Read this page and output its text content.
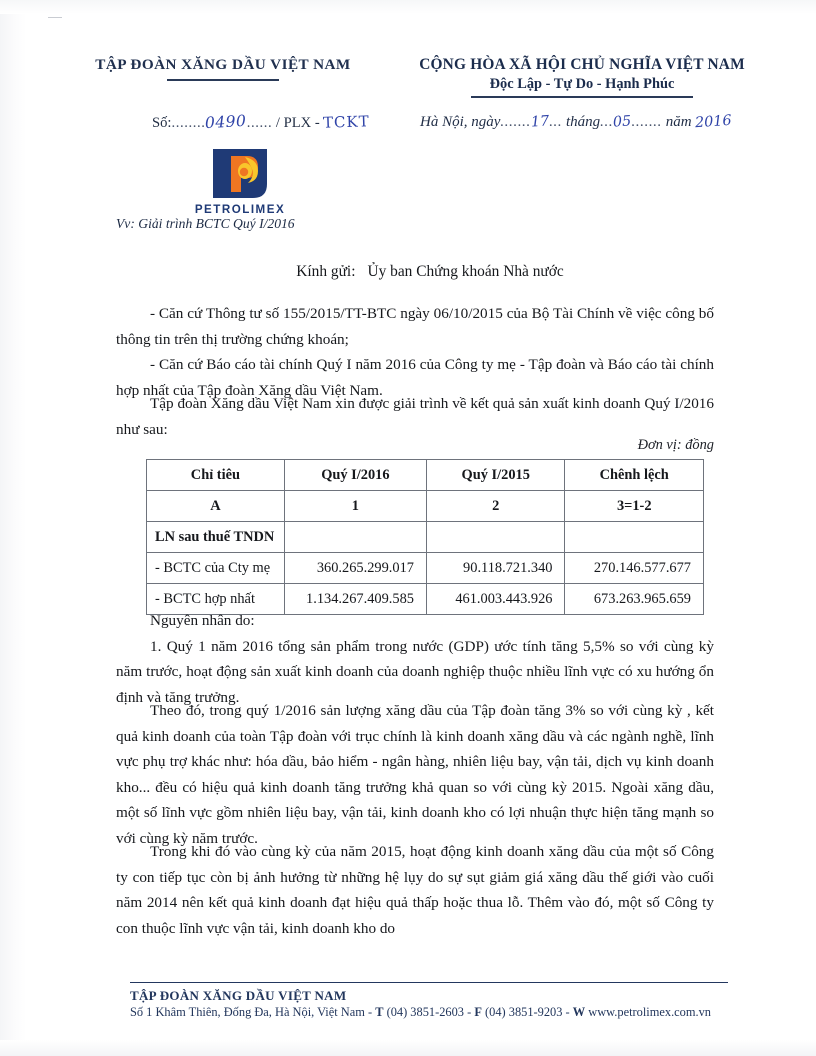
TẬP ĐOÀN XĂNG DẦU VIỆT NAM	CỘNG HÒA XÃ HỘI CHỦ NGHĨA VIỆT NAM
Độc Lập - Tự Do - Hạnh Phúc
Số:........0490...... / PLX - TCKT	Hà Nội, ngày.......17... tháng...05....... năm 2016
PETROLIMEX
Vv: Giải trình BCTC Quý I/2016
Kính gửi: Ủy ban Chứng khoán Nhà nước

- Căn cứ Thông tư số 155/2015/TT-BTC ngày 06/10/2015 của Bộ Tài Chính về việc công bố thông tin trên thị trường chứng khoán;

- Căn cứ Báo cáo tài chính Quý I năm 2016 của Công ty mẹ - Tập đoàn và Báo cáo tài chính hợp nhất của Tập đoàn Xăng dầu Việt Nam.

Tập đoàn Xăng dầu Việt Nam xin được giải trình về kết quả sản xuất kinh doanh Quý I/2016 như sau:

Đơn vị: đồng
Chỉ tiêu	Quý I/2016	Quý I/2015	Chênh lệch
A	1	2	3=1-2
LN sau thuế TNDN			
- BCTC của Cty mẹ	360.265.299.017	90.118.721.340	270.146.577.677
- BCTC hợp nhất	1.134.267.409.585	461.003.443.926	673.263.965.659

Nguyên nhân do:

1. Quý 1 năm 2016 tổng sản phẩm trong nước (GDP) ước tính tăng 5,5% so với cùng kỳ năm trước, hoạt động sản xuất kinh doanh của doanh nghiệp thuộc nhiều lĩnh vực có xu hướng ổn định và tăng trưởng.

Theo đó, trong quý 1/2016 sản lượng xăng dầu của Tập đoàn tăng 3% so với cùng kỳ , kết quả kinh doanh của toàn Tập đoàn với trục chính là kinh doanh xăng dầu và các ngành nghề, lĩnh vực phụ trợ khác như: hóa dầu, bảo hiểm - ngân hàng, nhiên liệu bay, vận tải, dịch vụ kinh doanh kho... đều có hiệu quả kinh doanh tăng trưởng khả quan so với cùng kỳ 2015. Ngoài xăng dầu, một số lĩnh vực gồm nhiên liệu bay, vận tải, kinh doanh kho có lợi nhuận thực hiện tăng mạnh so với cùng kỳ năm trước.

Trong khi đó vào cùng kỳ của năm 2015, hoạt động kinh doanh xăng dầu của một số Công ty con tiếp tục còn bị ảnh hưởng từ những hệ lụy do sự sụt giảm giá xăng dầu thế giới vào cuối năm 2014 nên kết quả kinh doanh đạt hiệu quả thấp hoặc thua lỗ. Thêm vào đó, một số Công ty con thuộc lĩnh vực vận tải, kinh doanh kho do

TẬP ĐOÀN XĂNG DẦU VIỆT NAM
Số 1 Khâm Thiên, Đống Đa, Hà Nội, Việt Nam - T (04) 3851-2603 - F (04) 3851-9203 - W www.petrolimex.com.vn
